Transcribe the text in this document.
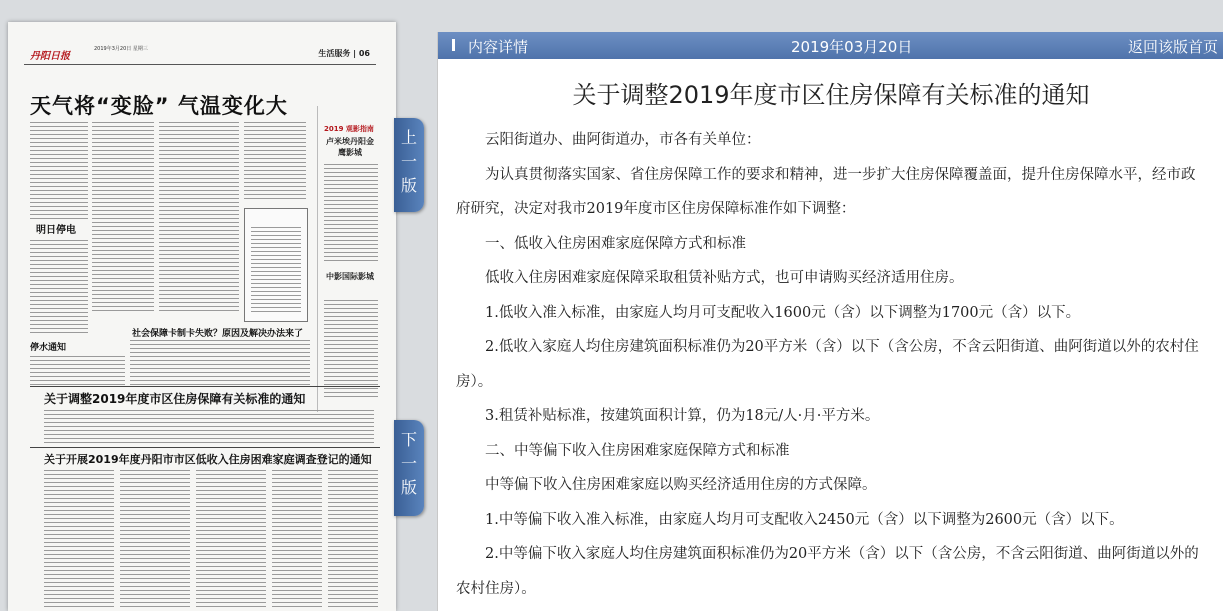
丹阳日报
2019年3月20日 星期三	生活服务 | 06
天气将“变脸” 气温变化大
明日停电
停水通知
社会保障卡制卡失败？原因及解决办法来了
2019 观影指南
卢米埃丹阳金鹰影城
中影国际影城
关于调整2019年度市区住房保障有关标准的通知
关于开展2019年度丹阳市市区低收入住房困难家庭调查登记的通知
上
一
版
下
一
版
内容详情	2019年03月20日	返回该版首页
关于调整2019年度市区住房保障有关标准的通知

云阳街道办、曲阿街道办，市各有关单位：

为认真贯彻落实国家、省住房保障工作的要求和精神，进一步扩大住房保障覆盖面，提升住房保障水平，经市政府研究，决定对我市2019年度市区住房保障标准作如下调整：

一、低收入住房困难家庭保障方式和标准

低收入住房困难家庭保障采取租赁补贴方式，也可申请购买经济适用住房。

1.低收入准入标准，由家庭人均月可支配收入1600元（含）以下调整为1700元（含）以下。

2.低收入家庭人均住房建筑面积标准仍为20平方米（含）以下（含公房，不含云阳街道、曲阿街道以外的农村住房）。

3.租赁补贴标准，按建筑面积计算，仍为18元/人·月·平方米。

二、中等偏下收入住房困难家庭保障方式和标准

中等偏下收入住房困难家庭以购买经济适用住房的方式保障。

1.中等偏下收入准入标准，由家庭人均月可支配收入2450元（含）以下调整为2600元（含）以下。

2.中等偏下收入家庭人均住房建筑面积标准仍为20平方米（含）以下（含公房，不含云阳街道、曲阿街道以外的农村住房）。
